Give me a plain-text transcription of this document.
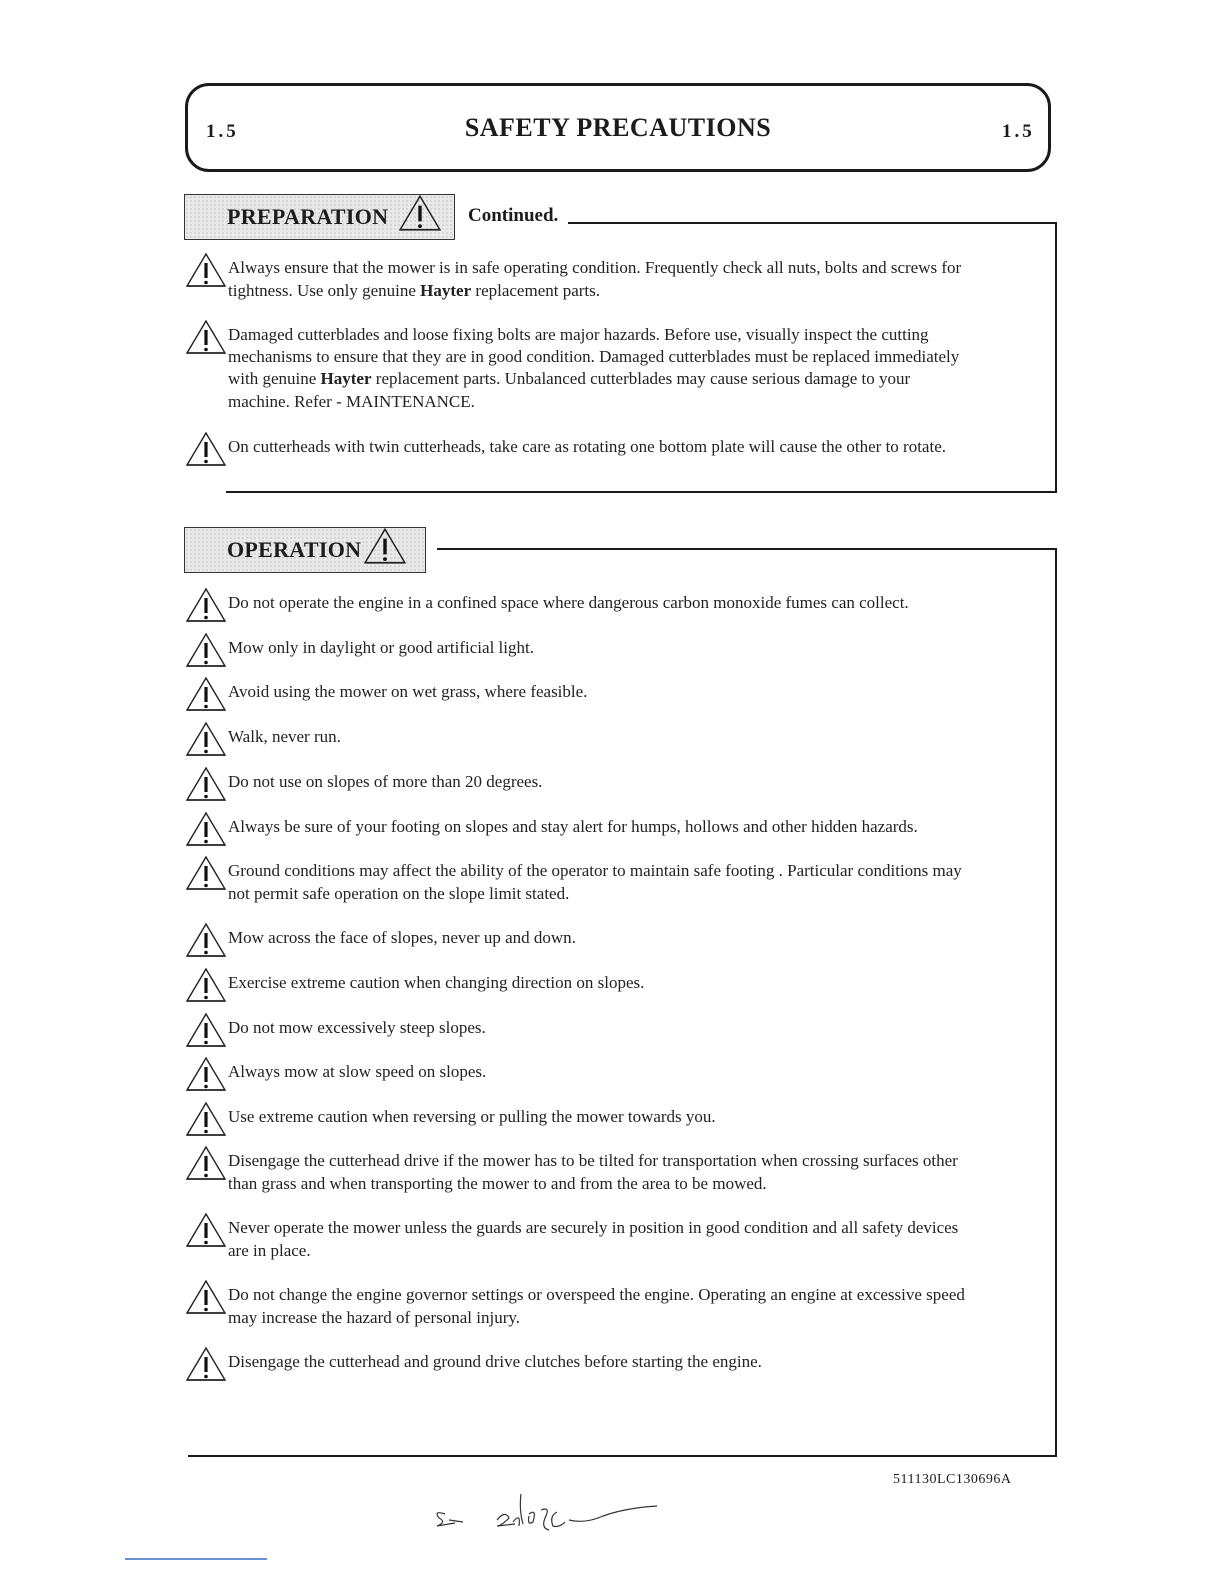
1.5	SAFETY PRECAUTIONS	1.5
PREPARATION	Continued.
Always ensure that the mower is in safe operating condition. Frequently check all nuts, bolts and screws for
tightness. Use only genuine Hayter replacement parts.
Damaged cutterblades and loose fixing bolts are major hazards. Before use, visually inspect the cutting
mechanisms to ensure that they are in good condition. Damaged cutterblades must be replaced immediately
with genuine Hayter replacement parts. Unbalanced cutterblades may cause serious damage to your
machine. Refer - MAINTENANCE.
On cutterheads with twin cutterheads, take care as rotating one bottom plate will cause the other to rotate.
OPERATION
Do not operate the engine in a confined space where dangerous carbon monoxide fumes can collect.
Mow only in daylight or good artificial light.
Avoid using the mower on wet grass, where feasible.
Walk, never run.
Do not use on slopes of more than 20 degrees.
Always be sure of your footing on slopes and stay alert for humps, hollows and other hidden hazards.
Ground conditions may affect the ability of the operator to maintain safe footing . Particular conditions may
not permit safe operation on the slope limit stated.
Mow across the face of slopes, never up and down.
Exercise extreme caution when changing direction on slopes.
Do not mow excessively steep slopes.
Always mow at slow speed on slopes.
Use extreme caution when reversing or pulling the mower towards you.
Disengage the cutterhead drive if the mower has to be tilted for transportation when crossing surfaces other
than grass and when transporting the mower to and from the area to be mowed.
Never operate the mower unless the guards are securely in position in good condition and all safety devices
are in place.
Do not change the engine governor settings or overspeed the engine. Operating an engine at excessive speed
may increase the hazard of personal injury.
Disengage the cutterhead and ground drive clutches before starting the engine.
511130LC130696A
